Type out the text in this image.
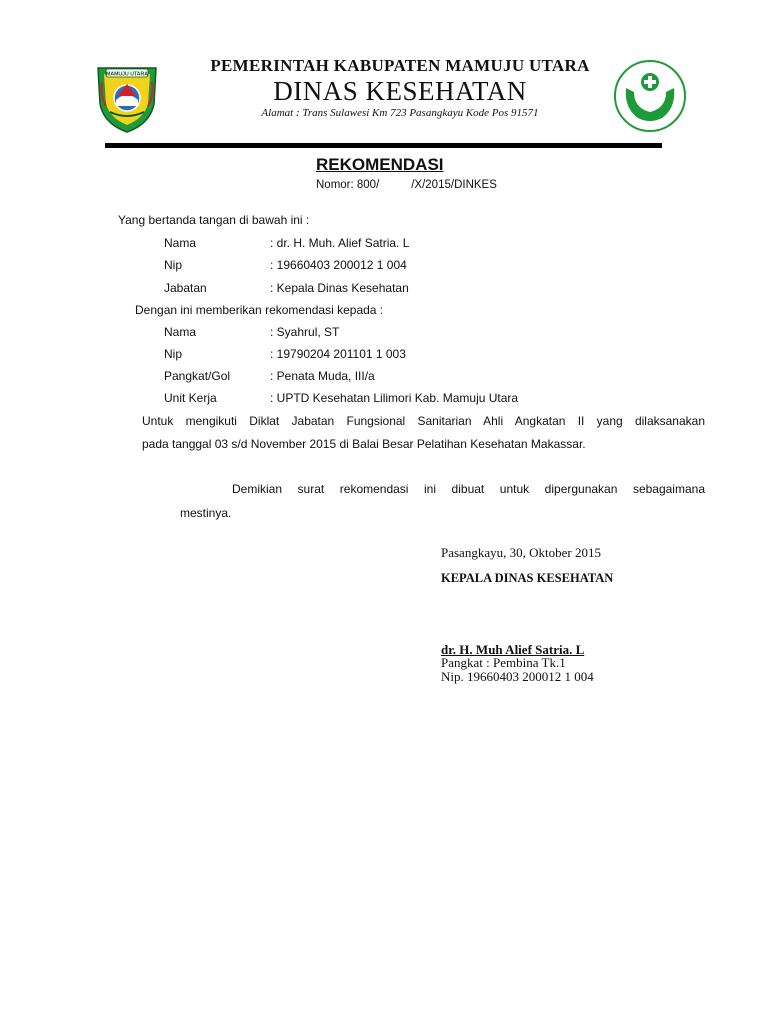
MAMUJU UTARA	PEMERINTAH KABUPATEN MAMUJU UTARA
DINAS KESEHATAN
Alamat : Trans Sulawesi Km 723 Pasangkayu Kode Pos 91571	BAKTI HUSADA
REKOMENDASI
Nomor: 800/          /X/2015/DINKES
Yang bertanda tangan di bawah ini :
Nama	: dr. H. Muh. Alief Satria. L
Nip	: 19660403 200012 1 004
Jabatan	: Kepala Dinas Kesehatan
Dengan ini memberikan rekomendasi kepada :
Nama	: Syahrul, ST
Nip	: 19790204 201101 1 003
Pangkat/Gol	: Penata Muda, III/a
Unit Kerja	: UPTD Kesehatan Lilimori Kab. Mamuju Utara
Untuk mengikuti Diklat Jabatan Fungsional Sanitarian Ahli Angkatan II yang dilaksanakan
pada tanggal 03 s/d November 2015 di Balai Besar Pelatihan Kesehatan Makassar.
Demikian surat rekomendasi ini dibuat untuk dipergunakan sebagaimana
mestinya.
Pasangkayu, 30, Oktober 2015
KEPALA DINAS KESEHATAN
dr. H. Muh Alief Satria. L
Pangkat : Pembina Tk.1
Nip. 19660403 200012 1 004
